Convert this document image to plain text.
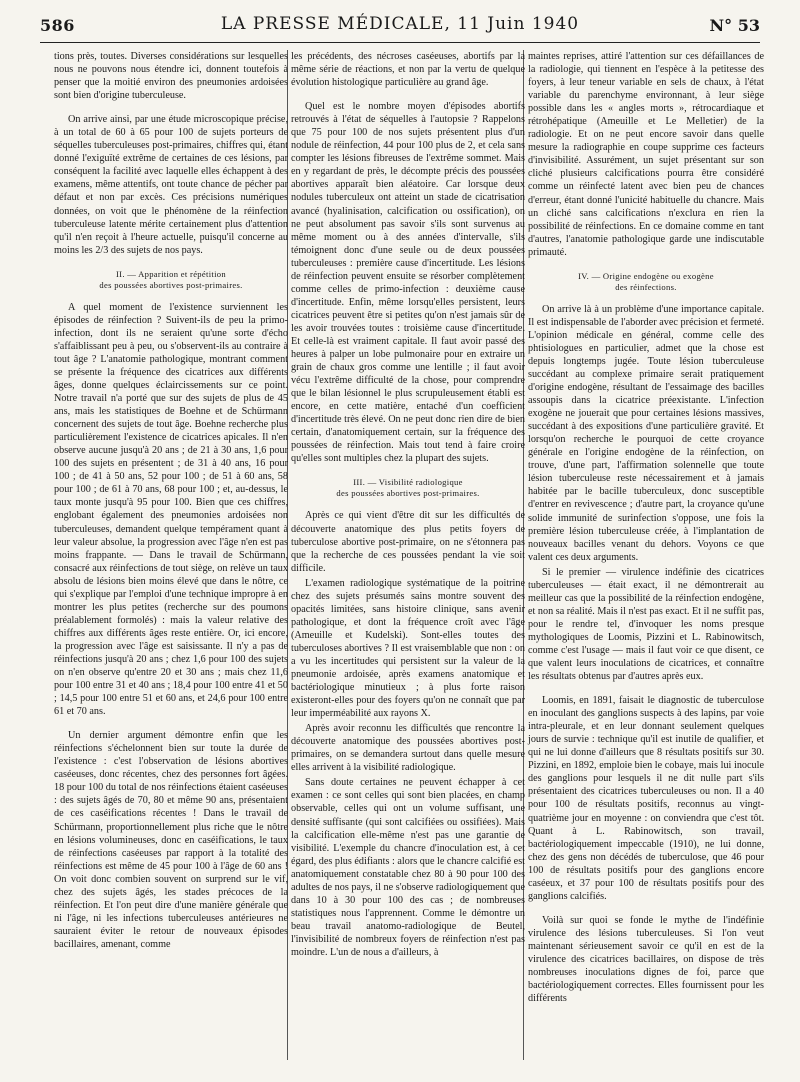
586	LA PRESSE MÉDICALE, 11 Juin 1940	N° 53

tions près, toutes. Diverses considérations sur lesquelles nous ne pouvons nous étendre ici, donnent toutefois à penser que la moitié environ des pneumonies ardoisées sont bien d'origine tuberculeuse.

On arrive ainsi, par une étude microscopique précise, à un total de 60 à 65 pour 100 de sujets porteurs de séquelles tuberculeuses post-primaires, chiffres qui, étant donné l'exiguïté extrême de certaines de ces lésions, par conséquent la facilité avec laquelle elles échappent à des examens, même attentifs, ont toute chance de pécher par défaut et non par excès. Ces précisions numériques données, on voit que le phénomène de la réinfection tuberculeuse latente mérite certainement plus d'attention qu'il n'en reçoit à l'heure actuelle, puisqu'il concerne au moins les 2/3 des sujets de nos pays.

II. — Apparition et répétition
des poussées abortives post-primaires.

A quel moment de l'existence surviennent les épisodes de réinfection ? Suivent-ils de peu la primo-infection, dont ils ne seraient qu'une sorte d'écho s'affaiblissant peu à peu, ou s'observent-ils au contraire à tout âge ? L'anatomie pathologique, montrant comment se présente la fréquence des cicatrices aux différents âges, donne quelques éclaircissements sur ce point. Notre travail n'a porté que sur des sujets de plus de 45 ans, mais les statistiques de Boehne et de Schürmann concernent des sujets de tout âge. Boehne recherche plus particulièrement l'existence de cicatrices apicales. Il n'en observe aucune jusqu'à 20 ans ; de 21 à 30 ans, 1,6 pour 100 des sujets en présentent ; de 31 à 40 ans, 16 pour 100 ; de 41 à 50 ans, 52 pour 100 ; de 51 à 60 ans, 58 pour 100 ; de 61 à 70 ans, 68 pour 100 ; et, au-dessus, le taux monte jusqu'à 95 pour 100. Bien que ces chiffres, englobant également des pneumonies ardoisées non tuberculeuses, demandent quelque tempérament quant à leur valeur absolue, la progression avec l'âge n'en est pas moins frappante. — Dans le travail de Schürmann, consacré aux réinfections de tout siège, on relève un taux absolu de lésions bien moins élevé que dans le nôtre, ce qui s'explique par l'emploi d'une technique impropre à en montrer les plus petites (recherche sur des poumons préalablement formolés) : mais la valeur relative des chiffres aux différents âges reste entière. Or, ici encore, la progression avec l'âge est saisissante. Il n'y a pas de réinfections jusqu'à 20 ans ; chez 1,6 pour 100 des sujets on n'en observe qu'entre 20 et 30 ans ; mais chez 11,6 pour 100 entre 31 et 40 ans ; 18,4 pour 100 entre 41 et 50 ; 14,5 pour 100 entre 51 et 60 ans, et 24,6 pour 100 entre 61 et 70 ans.

Un dernier argument démontre enfin que les réinfections s'échelonnent bien sur toute la durée de l'existence : c'est l'observation de lésions abortives caséeuses, donc récentes, chez des personnes fort âgées. 18 pour 100 du total de nos réinfections étaient caséeuses : des sujets âgés de 70, 80 et même 90 ans, présentaient de ces caséifications récentes ! Dans le travail de Schürmann, proportionnellement plus riche que le nôtre en lésions volumineuses, donc en caséifications, le taux de réinfections caséeuses par rapport à la totalité des réinfections est même de 45 pour 100 à l'âge de 60 ans ! On voit donc combien souvent on surprend sur le vif, chez des sujets âgés, les stades précoces de la réinfection. Et l'on peut dire d'une manière générale que ni l'âge, ni les infections tuberculeuses antérieures ne sauraient éviter le retour de nouveaux épisodes bacillaires, amenant, comme

les précédents, des nécroses caséeuses, abortifs par la même série de réactions, et non par la vertu de quelque évolution histologique particulière au grand âge.

Quel est le nombre moyen d'épisodes abortifs retrouvés à l'état de séquelles à l'autopsie ? Rappelons que 75 pour 100 de nos sujets présentent plus d'un nodule de réinfection, 44 pour 100 plus de 2, et cela sans compter les lésions fibreuses de l'extrême sommet. Mais en y regardant de près, le décompte précis des poussées abortives apparaît bien aléatoire. Car lorsque deux nodules tuberculeux ont atteint un stade de cicatrisation avancé (hyalinisation, calcification ou ossification), on ne peut absolument pas savoir s'ils sont survenus au même moment ou à des années d'intervalle, s'ils témoignent donc d'une seule ou de deux poussées tuberculeuses : première cause d'incertitude. Les lésions de réinfection peuvent ensuite se résorber complètement comme celles de primo-infection : deuxième cause d'incertitude. Enfin, même lorsqu'elles persistent, leurs cicatrices peuvent être si petites qu'on n'est jamais sûr de les avoir trouvées toutes : troisième cause d'incertitude. Et celle-là est vraiment capitale. Il faut avoir passé des heures à palper un lobe pulmonaire pour en extraire un grain de chaux gros comme une lentille ; il faut avoir vécu l'extrême difficulté de la chose, pour comprendre que le bilan lésionnel le plus scrupuleusement établi est encore, en cette matière, entaché d'un coefficient d'incertitude très élevé. On ne peut donc rien dire de bien certain, d'anatomiquement certain, sur la fréquence des poussées de réinfection. Mais tout tend à faire croire qu'elles sont multiples chez la plupart des sujets.

III. — Visibilité radiologique
des poussées abortives post-primaires.

Après ce qui vient d'être dit sur les difficultés de découverte anatomique des plus petits foyers de tuberculose abortive post-primaire, on ne s'étonnera pas que la recherche de ces poussées pendant la vie soit difficile.

L'examen radiologique systématique de la poitrine chez des sujets présumés sains montre souvent des opacités limitées, sans histoire clinique, sans avenir pathologique, et dont la fréquence croît avec l'âge (Ameuille et Kudelski). Sont-elles toutes des tuberculoses abortives ? Il est vraisemblable que non : on a vu les incertitudes qui persistent sur la valeur de la pneumonie ardoisée, après examens anatomique et bactériologique minutieux ; à plus forte raison existeront-elles pour des foyers qu'on ne connaît que par leur imperméabilité aux rayons X.

Après avoir reconnu les difficultés que rencontre la découverte anatomique des poussées abortives post-primaires, on se demandera surtout dans quelle mesure elles arrivent à la visibilité radiologique.

Sans doute certaines ne peuvent échapper à cet examen : ce sont celles qui sont bien placées, en champ observable, celles qui ont un volume suffisant, une densité suffisante (qui sont calcifiées ou ossifiées). Mais la calcification elle-même n'est pas une garantie de visibilité. L'exemple du chancre d'inoculation est, à cet égard, des plus édifiants : alors que le chancre calcifié est anatomiquement constatable chez 80 à 90 pour 100 des adultes de nos pays, il ne s'observe radiologiquement que dans 10 à 30 pour 100 des cas ; de nombreuses statistiques nous l'apprennent. Comme le démontre un beau travail anatomo-radiologique de Beutel, l'invisibilité de nombreux foyers de réinfection n'est pas moindre. L'un de nous a d'ailleurs, à

maintes reprises, attiré l'attention sur ces défaillances de la radiologie, qui tiennent en l'espèce à la petitesse des foyers, à leur teneur variable en sels de chaux, à l'état variable du parenchyme environnant, à leur siège possible dans les « angles morts », rétrocardiaque et rétrohépatique (Ameuille et Le Melletier) de la radiologie. Et on ne peut encore savoir dans quelle mesure la radiographie en coupe supprime ces facteurs d'invisibilité. Assurément, un sujet présentant sur son cliché plusieurs calcifications pourra être considéré comme un réinfecté latent avec bien peu de chances d'erreur, étant donné l'unicité habituelle du chancre. Mais un cliché sans calcifications n'exclura en rien la possibilité de réinfections. En ce domaine comme en tant d'autres, l'anatomie pathologique garde une indiscutable primauté.

IV. — Origine endogène ou exogène
des réinfections.

On arrive là à un problème d'une importance capitale. Il est indispensable de l'aborder avec précision et fermeté. L'opinion médicale en général, comme celle des phtisiologues en particulier, admet que la chose est depuis longtemps jugée. Toute lésion tuberculeuse succédant au complexe primaire serait pratiquement d'origine endogène, résultant de l'essaimage des bacilles assoupis dans la cicatrice préexistante. L'infection exogène ne jouerait que pour certaines lésions massives, succédant à des expositions d'une particulière gravité. Et lorsqu'on recherche le pourquoi de cette croyance générale en l'origine endogène de la réinfection, on trouve, d'une part, l'affirmation solennelle que toute lésion tuberculeuse reste nécessairement et à jamais habitée par le bacille tuberculeux, donc susceptible d'entrer en revivescence ; d'autre part, la croyance qu'une solide immunité de surinfection s'oppose, une fois la première lésion tuberculeuse créée, à l'implantation de nouveaux bacilles venant du dehors. Voyons ce que valent ces deux arguments.

Si le premier — virulence indéfinie des cicatrices tuberculeuses — était exact, il ne démontrerait au meilleur cas que la possibilité de la réinfection endogène, et non sa réalité. Mais il n'est pas exact. Et il ne suffit pas, pour le rendre tel, d'invoquer les noms presque mythologiques de Loomis, Pizzini et L. Rabinowitsch, comme c'est l'usage — mais il faut voir ce que disent, ce que valent leurs inoculations de cicatrices, et connaître les résultats obtenus par d'autres après eux.

Loomis, en 1891, faisait le diagnostic de tuberculose en inoculant des ganglions suspects à des lapins, par voie intra-pleurale, et en leur donnant seulement quelques jours de survie : technique qu'il est inutile de qualifier, et qui ne lui donne d'ailleurs que 8 résultats positifs sur 30. Pizzini, en 1892, emploie bien le cobaye, mais lui inocule des ganglions pour lesquels il ne dit nulle part s'ils présentaient des cicatrices tuberculeuses ou non. Il a 40 pour 100 de résultats positifs, reconnus au vingt-quatrième jour en moyenne : on conviendra que c'est tôt. Quant à L. Rabinowitsch, son travail, bactériologiquement impeccable (1910), ne lui donne, chez des gens non décédés de tuberculose, que 46 pour 100 de résultats positifs pour des ganglions encore caséeux, et 37 pour 100 de résultats positifs pour des ganglions calcifiés.

Voilà sur quoi se fonde le mythe de l'indéfinie virulence des lésions tuberculeuses. Si l'on veut maintenant sérieusement savoir ce qu'il en est de la virulence des cicatrices bacillaires, on dispose de très nombreuses inoculations dignes de foi, parce que bactériologiquement correctes. Elles fournissent pour les différents
